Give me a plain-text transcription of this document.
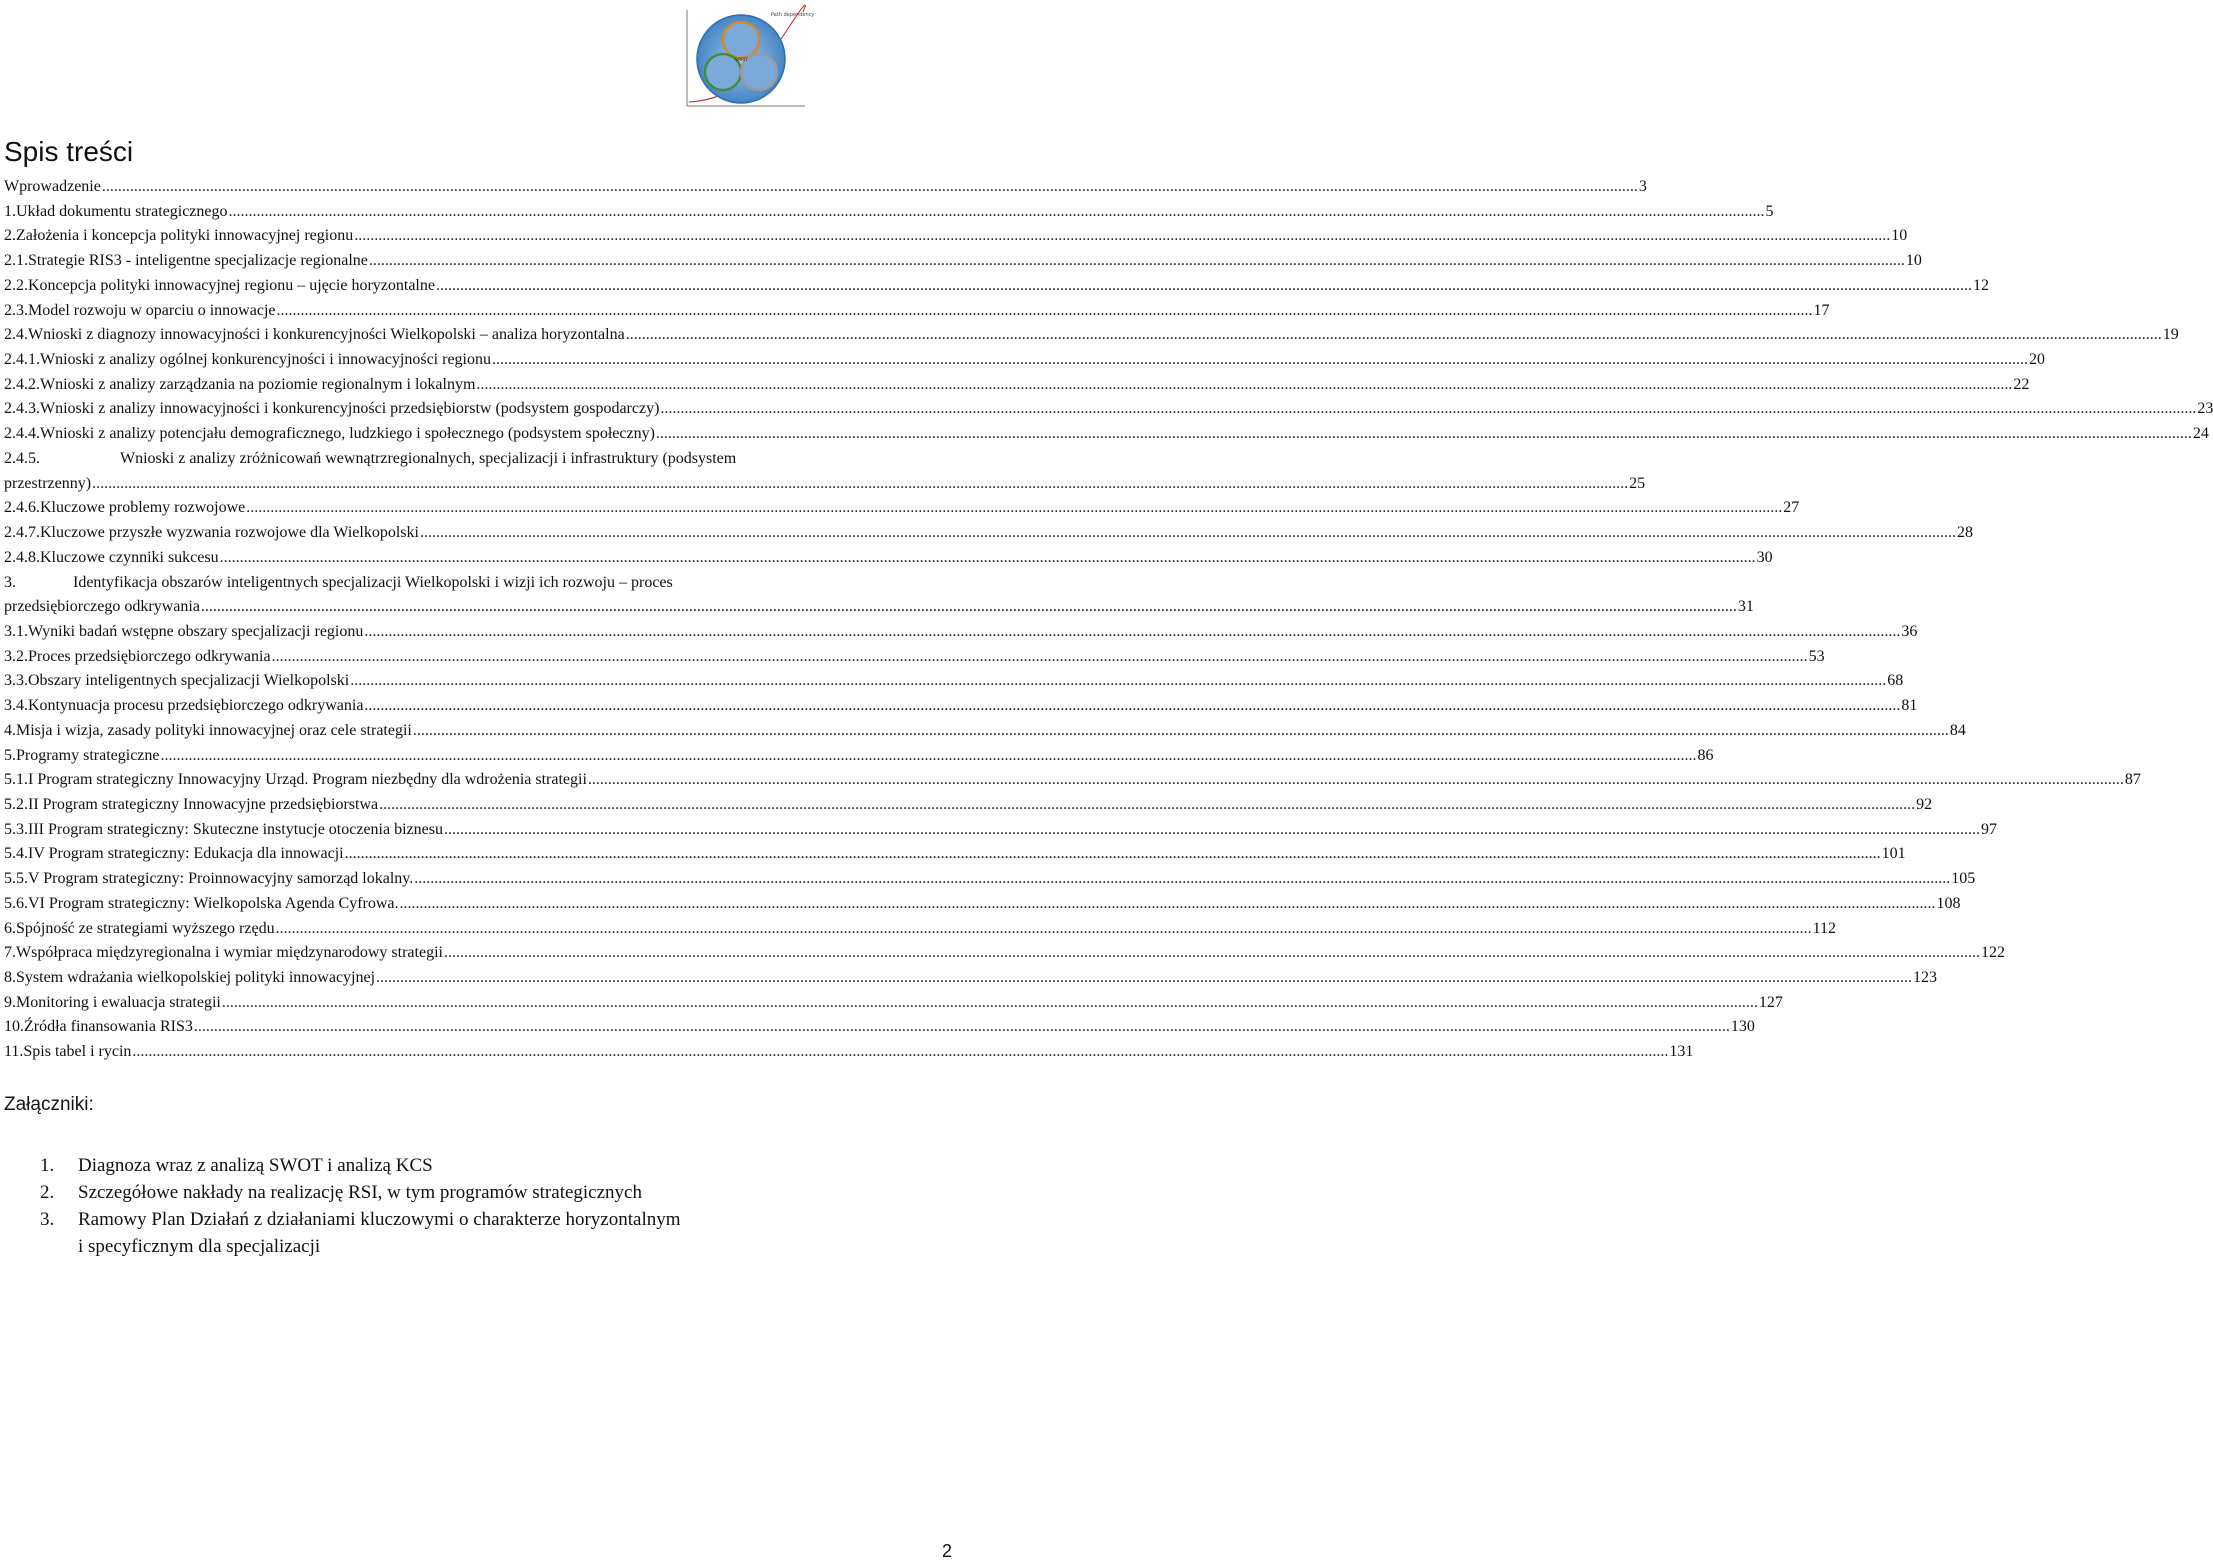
Path dependency
SPIRIT
Spis treści
Wprowadzenie .....	3
1. Układ dokumentu strategicznego .....	5
2. Założenia i koncepcja polityki innowacyjnej regionu .....	10
2.1. Strategie RIS3 - inteligentne specjalizacje regionalne .....	10
2.2. Koncepcja polityki innowacyjnej regionu – ujęcie horyzontalne .....	12
2.3. Model rozwoju w oparciu o innowacje .....	17
2.4. Wnioski z diagnozy innowacyjności i konkurencyjności Wielkopolski – analiza horyzontalna .....	19
2.4.1. Wnioski z analizy ogólnej konkurencyjności i innowacyjności regionu .....	20
2.4.2. Wnioski z analizy zarządzania na poziomie regionalnym i lokalnym .....	22
2.4.3. Wnioski z analizy innowacyjności i konkurencyjności przedsiębiorstw (podsystem gospodarczy) .....	23
2.4.4. Wnioski z analizy potencjału demograficznego, ludzkiego i społecznego (podsystem społeczny) .....	24
2.4.5.	Wnioski z analizy zróżnicowań wewnątrzregionalnych, specjalizacji i infrastruktury (podsystem
przestrzenny) .....	25
2.4.6. Kluczowe problemy rozwojowe .....	27
2.4.7. Kluczowe przyszłe wyzwania rozwojowe dla Wielkopolski .....	28
2.4.8. Kluczowe czynniki sukcesu .....	30
3.	Identyfikacja obszarów inteligentnych specjalizacji Wielkopolski i wizji ich rozwoju – proces
przedsiębiorczego odkrywania .....	31
3.1. Wyniki badań wstępne obszary specjalizacji regionu .....	36
3.2. Proces przedsiębiorczego odkrywania .....	53
3.3. Obszary inteligentnych specjalizacji Wielkopolski .....	68
3.4. Kontynuacja procesu przedsiębiorczego odkrywania .....	81
4. Misja i wizja, zasady polityki innowacyjnej oraz cele strategii .....	84
5. Programy strategiczne .....	86
5.1. I Program strategiczny Innowacyjny Urząd. Program niezbędny dla wdrożenia strategii .....	87
5.2. II Program strategiczny Innowacyjne przedsiębiorstwa .....	92
5.3. III Program strategiczny: Skuteczne instytucje otoczenia biznesu .....	97
5.4. IV Program strategiczny: Edukacja dla innowacji .....	101
5.5. V Program strategiczny: Proinnowacyjny samorząd lokalny. .....	105
5.6. VI Program strategiczny: Wielkopolska Agenda Cyfrowa. .....	108
6. Spójność ze strategiami wyższego rzędu .....	112
7. Współpraca międzyregionalna i wymiar międzynarodowy strategii .....	122
8. System wdrażania wielkopolskiej polityki innowacyjnej .....	123
9. Monitoring i ewaluacja strategii .....	127
10. Źródła finansowania RIS3 .....	130
11. Spis tabel i rycin .....	131
Załączniki:
1. Diagnoza wraz z analizą SWOT i analizą KCS
2. Szczegółowe nakłady na realizację RSI, w tym programów strategicznych
3. Ramowy Plan Działań z działaniami kluczowymi o charakterze horyzontalnym
i specyficznym dla specjalizacji
2
